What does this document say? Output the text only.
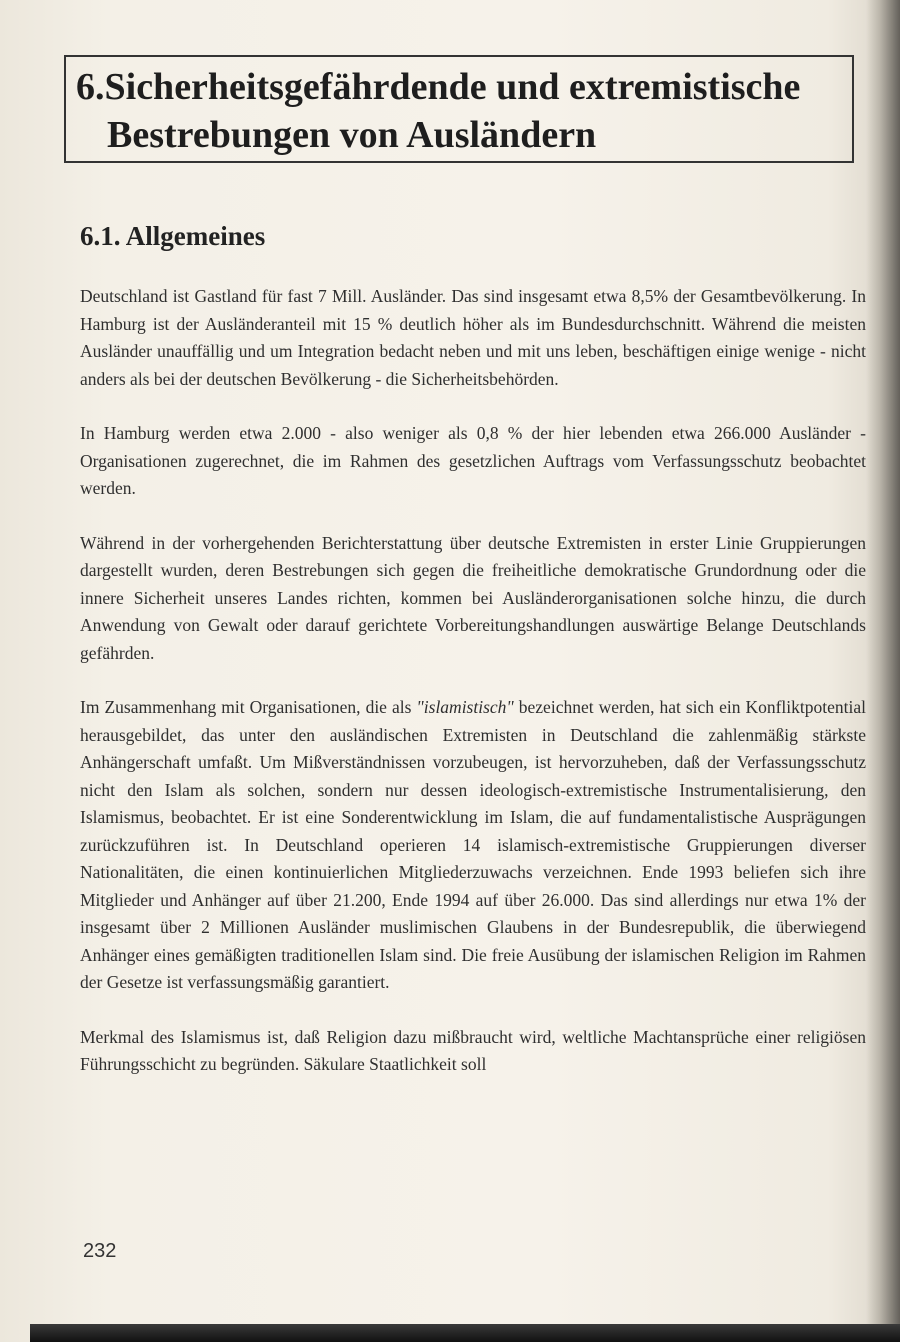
6.Sicherheitsgefährdende und extremistische
Bestrebungen von Ausländern
6.1. Allgemeines

Deutschland ist Gastland für fast 7 Mill. Ausländer. Das sind insgesamt etwa 8,5% der Gesamtbevölkerung. In Hamburg ist der Ausländeranteil mit 15 % deutlich höher als im Bundesdurchschnitt. Während die meisten Ausländer unauffällig und um Integration bedacht neben und mit uns leben, beschäftigen einige wenige - nicht anders als bei der deutschen Bevölkerung - die Sicherheitsbehörden.

In Hamburg werden etwa 2.000 - also weniger als 0,8 % der hier lebenden etwa 266.000 Ausländer - Organisationen zugerechnet, die im Rahmen des gesetzlichen Auftrags vom Verfassungsschutz beobachtet werden.

Während in der vorhergehenden Berichterstattung über deutsche Extremisten in erster Linie Gruppierungen dargestellt wurden, deren Bestrebungen sich gegen die freiheitliche demokratische Grundordnung oder die innere Sicherheit unseres Landes richten, kommen bei Ausländerorganisationen solche hinzu, die durch Anwendung von Gewalt oder darauf gerichtete Vorbereitungshandlungen auswärtige Belange Deutschlands gefährden.

Im Zusammenhang mit Organisationen, die als "islamistisch" bezeichnet werden, hat sich ein Konfliktpotential herausgebildet, das unter den ausländischen Extremisten in Deutschland die zahlenmäßig stärkste Anhängerschaft umfaßt. Um Mißverständnissen vorzubeugen, ist hervorzuheben, daß der Verfassungsschutz nicht den Islam als solchen, sondern nur dessen ideologisch-extremistische Instrumentalisierung, den Islamismus, beobachtet. Er ist eine Sonderentwicklung im Islam, die auf fundamentalistische Ausprägungen zurückzuführen ist. In Deutschland operieren 14 islamisch-extremistische Gruppierungen diverser Nationalitäten, die einen kontinuierlichen Mitgliederzuwachs verzeichnen. Ende 1993 beliefen sich ihre Mitglieder und Anhänger auf über 21.200, Ende 1994 auf über 26.000. Das sind allerdings nur etwa 1% der insgesamt über 2 Millionen Ausländer muslimischen Glaubens in der Bundesrepublik, die überwiegend Anhänger eines gemäßigten traditionellen Islam sind. Die freie Ausübung der islamischen Religion im Rahmen der Gesetze ist verfassungsmäßig garantiert.

Merkmal des Islamismus ist, daß Religion dazu mißbraucht wird, weltliche Machtansprüche einer religiösen Führungsschicht zu begründen. Säkulare Staatlichkeit soll

232
